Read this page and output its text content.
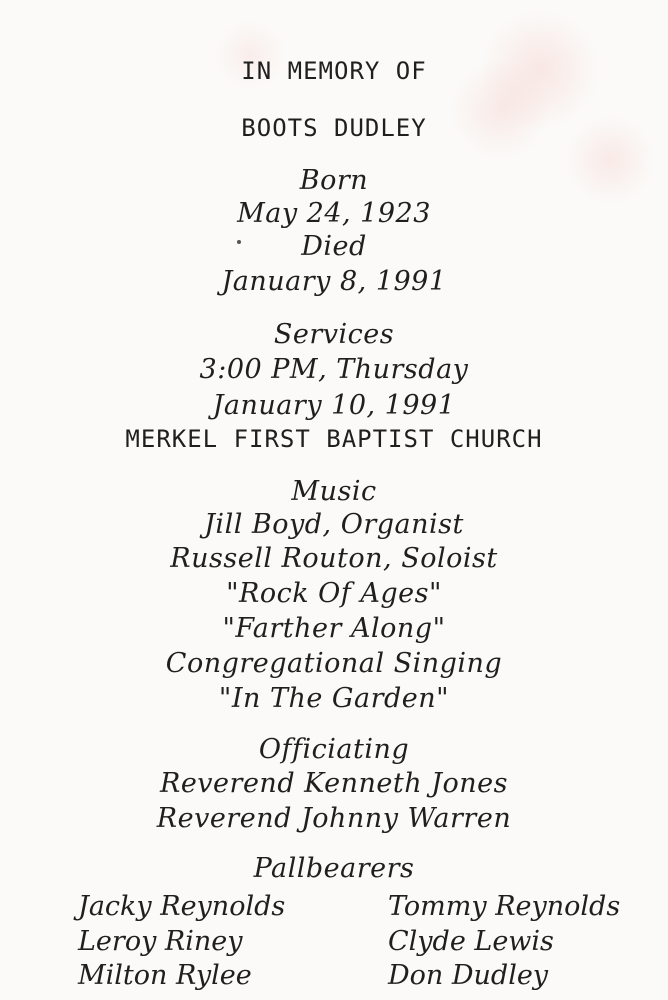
IN MEMORY OF
BOOTS DUDLEY
Born
May 24, 1923
Died
January 8, 1991
Services
3:00 PM, Thursday
January 10, 1991
MERKEL FIRST BAPTIST CHURCH
Music
Jill Boyd, Organist
Russell Routon, Soloist
"Rock Of Ages"
"Farther Along"
Congregational Singing
"In The Garden"
Officiating
Reverend Kenneth Jones
Reverend Johnny Warren
Pallbearers
Jacky Reynolds
Leroy Riney
Milton Rylee
Tommy Reynolds
Clyde Lewis
Don Dudley
